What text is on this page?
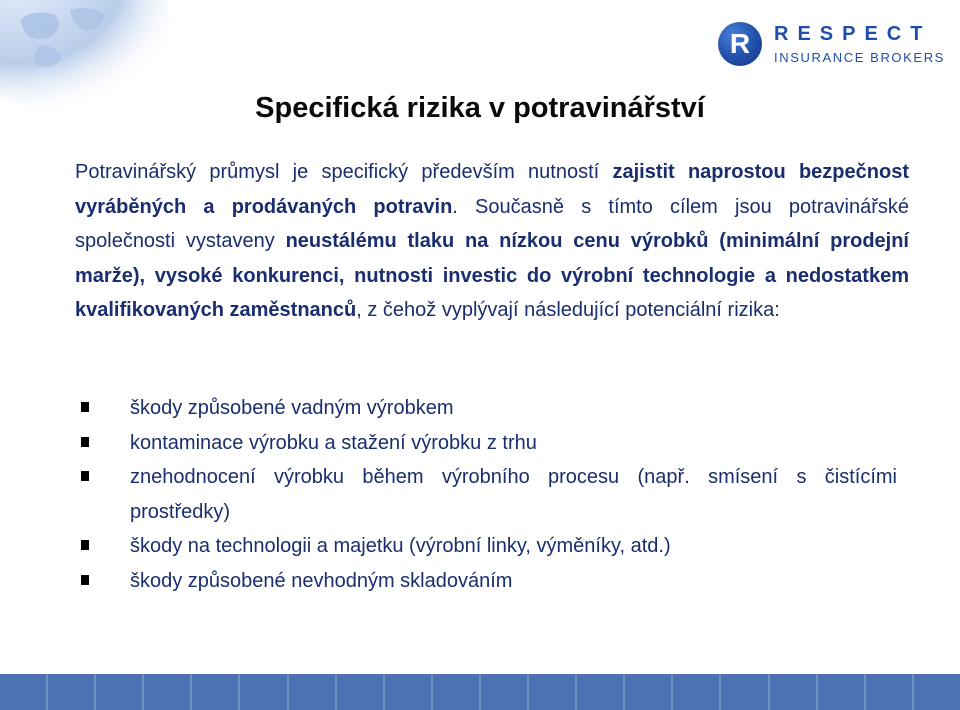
R	RESPECT
INSURANCE BROKERS
Specifická rizika v potravinářství
Potravinářský průmysl je specifický především nutností zajistit naprostou bezpečnost vyráběných a prodávaných potravin. Současně s tímto cílem jsou potravinářské společnosti vystaveny neustálému tlaku na nízkou cenu výrobků (minimální prodejní marže), vysoké konkurenci, nutnosti investic do výrobní technologie a nedostatkem kvalifikovaných zaměstnanců, z čehož vyplývají následující potenciální rizika:
škody způsobené vadným výrobkem
kontaminace výrobku a stažení výrobku z trhu
znehodnocení výrobku během výrobního procesu (např. smísení s čistícími prostředky)
škody na technologii a majetku (výrobní linky, výměníky, atd.)
škody způsobené nevhodným skladováním
